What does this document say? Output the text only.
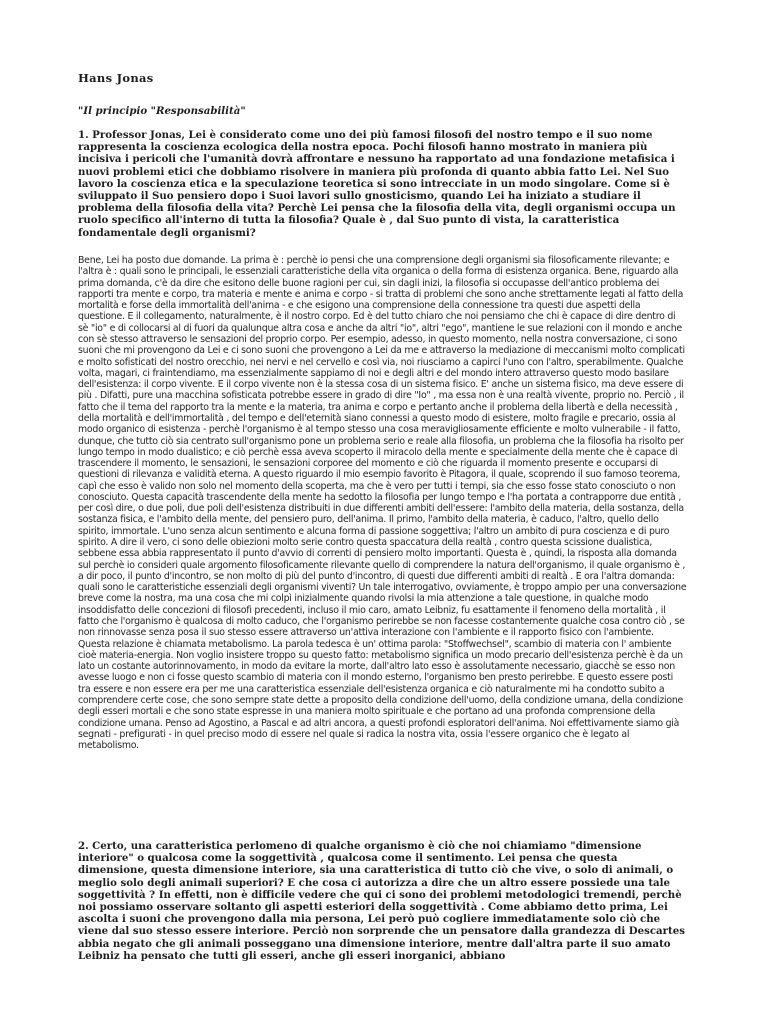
Hans Jonas
"Il principio "Responsabilità"

1. Professor Jonas, Lei è considerato come uno dei più famosi filosofi del nostro tempo e il suo nome rappresenta la coscienza ecologica della nostra epoca. Pochi filosofi hanno mostrato in maniera più incisiva i pericoli che l'umanità dovrà affrontare e nessuno ha rapportato ad una fondazione metafisica i nuovi problemi etici che dobbiamo risolvere in maniera più profonda di quanto abbia fatto Lei. Nel Suo lavoro la coscienza etica e la speculazione teoretica si sono intrecciate in un modo singolare. Come si è sviluppato il Suo pensiero dopo i Suoi lavori sullo gnosticismo, quando Lei ha iniziato a studiare il problema della filosofia della vita? Perchè Lei pensa che la filosofia della vita, degli organismi occupa un ruolo specifico all'interno di tutta la filosofia? Quale è , dal Suo punto di vista, la caratteristica fondamentale degli organismi?

Bene, Lei ha posto due domande. La prima è : perchè io pensi che una comprensione degli organismi sia filosoficamente rilevante; e l'altra è : quali sono le principali, le essenziali caratteristiche della vita organica o della forma di esistenza organica. Bene, riguardo alla prima domanda, c'è da dire che esitono delle buone ragioni per cui, sin dagli inizi, la filosofia si occupasse dell'antico problema dei rapporti tra mente e corpo, tra materia e mente e anima e corpo - si tratta di problemi che sono anche strettamente legati al fatto della mortalità e forse della immortalità dell'anima - e che esigono una comprensione della connessione tra questi due aspetti della questione. E il collegamento, naturalmente, è il nostro corpo. Ed è del tutto chiaro che noi pensiamo che chi è capace di dire dentro di sè "io" e di collocarsi al di fuori da qualunque altra cosa e anche da altri "io", altri "ego", mantiene le sue relazioni con il mondo e anche con sè stesso attraverso le sensazioni del proprio corpo. Per esempio, adesso, in questo momento, nella nostra conversazione, ci sono suoni che mi provengono da Lei e ci sono suoni che provengono a Lei da me e attraverso la mediazione di meccanismi molto complicati e molto sofisticati del nostro orecchio, nei nervi e nel cervello e così via, noi riusciamo a capirci l'uno con l'altro, sperabilmente. Qualche volta, magari, ci fraintendiamo, ma essenzialmente sappiamo di noi e degli altri e del mondo intero attraverso questo modo basilare dell'esistenza: il corpo vivente. E il corpo vivente non è la stessa cosa di un sistema fisico. E' anche un sistema fisico, ma deve essere di più . Difatti, pure una macchina sofisticata potrebbe essere in grado di dire "Io" , ma essa non è una realtà vivente, proprio no. Perciò , il fatto che il tema del rapporto tra la mente e la materia, tra anima e corpo e pertanto anche il problema della libertà e della necessità , della mortalità e dell'immortalità , del tempo e dell'eternità siano connessi a questo modo di esistere, molto fragile e precario, ossia al modo organico di esistenza - perchè l'organismo è al tempo stesso una cosa meravigliosamente efficiente e molto vulnerabile - il fatto, dunque, che tutto ciò sia centrato sull'organismo pone un problema serio e reale alla filosofia, un problema che la filosofia ha risolto per lungo tempo in modo dualistico; e ciò perchè essa aveva scoperto il miracolo della mente e specialmente della mente che è capace di trascendere il momento, le sensazioni, le sensazioni corporee del momento e ciò che riguarda il momento presente e occuparsi di questioni di rilevanza e validità eterna. A questo riguardo il mio esempio favorito è Pitagora, il quale, scoprendo il suo famoso teorema, capì che esso è valido non solo nel momento della scoperta, ma che è vero per tutti i tempi, sia che esso fosse stato conosciuto o non conosciuto. Questa capacità trascendente della mente ha sedotto la filosofia per lungo tempo e l'ha portata a contrapporre due entità , per così dire, o due poli, due poli dell'esistenza distribuiti in due differenti ambiti dell'essere: l'ambito della materia, della sostanza, della sostanza fisica, e l'ambito della mente, del pensiero puro, dell'anima. Il primo, l'ambito della materia, è caduco, l'altro, quello dello spirito, immortale. L'uno senza alcun sentimento e alcuna forma di passione soggettiva; l'altro un ambito di pura coscienza e di puro spirito. A dire il vero, ci sono delle obiezioni molto serie contro questa spaccatura della realtà , contro questa scissione dualistica, sebbene essa abbia rappresentato il punto d'avvio di correnti di pensiero molto importanti. Questa è , quindi, la risposta alla domanda sul perchè io consideri quale argomento filosoficamente rilevante quello di comprendere la natura dell'organismo, il quale organismo è , a dir poco, il punto d'incontro, se non molto di più del punto d'incontro, di questi due differenti ambiti di realtà . E ora l'altra domanda: quali sono le caratteristiche essenziali degli organismi viventi? Un tale interrogativo, ovviamente, è troppo ampio per una conversazione breve come la nostra, ma una cosa che mi colpì inizialmente quando rivolsi la mia attenzione a tale questione, in qualche modo insoddisfatto delle concezioni di filosofi precedenti, incluso il mio caro, amato Leibniz, fu esattamente il fenomeno della mortalità , il fatto che l'organismo è qualcosa di molto caduco, che l'organismo perirebbe se non facesse costantemente qualche cosa contro ciò , se non rinnovasse senza posa il suo stesso essere attraverso un'attiva interazione con l'ambiente e il rapporto fisico con l'ambiente. Questa relazione è chiamata metabolismo. La parola tedesca è un' ottima parola: "Stoffwechsel", scambio di materia con l' ambiente cioè materia-energia. Non voglio insistere troppo su questo fatto: metabolismo significa un modo precario dell'esistenza perchè è da un lato un costante autorinnovamento, in modo da evitare la morte, dall'altro lato esso è assolutamente necessario, giacchè se esso non avesse luogo e non ci fosse questo scambio di materia con il mondo esterno, l'organismo ben presto perirebbe. E questo essere posti tra essere e non essere era per me una caratteristica essenziale dell'esistenza organica e ciò naturalmente mi ha condotto subito a comprendere certe cose, che sono sempre state dette a proposito della condizione dell'uomo, della condizione umana, della condizione degli esseri mortali e che sono state espresse in una maniera molto spirituale e che portano ad una profonda comprensione della condizione umana. Penso ad Agostino, a Pascal e ad altri ancora, a questi profondi esploratori dell'anima. Noi effettivamente siamo già segnati - prefigurati - in quel preciso modo di essere nel quale si radica la nostra vita, ossia l'essere organico che è legato al metabolismo.

2. Certo, una caratteristica perlomeno di qualche organismo è ciò che noi chiamiamo "dimensione interiore" o qualcosa come la soggettività , qualcosa come il sentimento. Lei pensa che questa dimensione, questa dimensione interiore, sia una caratteristica di tutto ciò che vive, o solo di animali, o meglio solo degli animali superiori? E che cosa ci autorizza a dire che un altro essere possiede una tale soggettività ? In effetti, non è difficile vedere che qui ci sono dei problemi metodologici tremendi, perchè noi possiamo osservare soltanto gli aspetti esteriori della soggettività . Come abbiamo detto prima, Lei ascolta i suoni che provengono dalla mia persona, Lei però può cogliere immediatamente solo ciò che viene dal suo stesso essere interiore. Perciò non sorprende che un pensatore dalla grandezza di Descartes abbia negato che gli animali posseggano una dimensione interiore, mentre dall'altra parte il suo amato Leibniz ha pensato che tutti gli esseri, anche gli esseri inorganici, abbiano
